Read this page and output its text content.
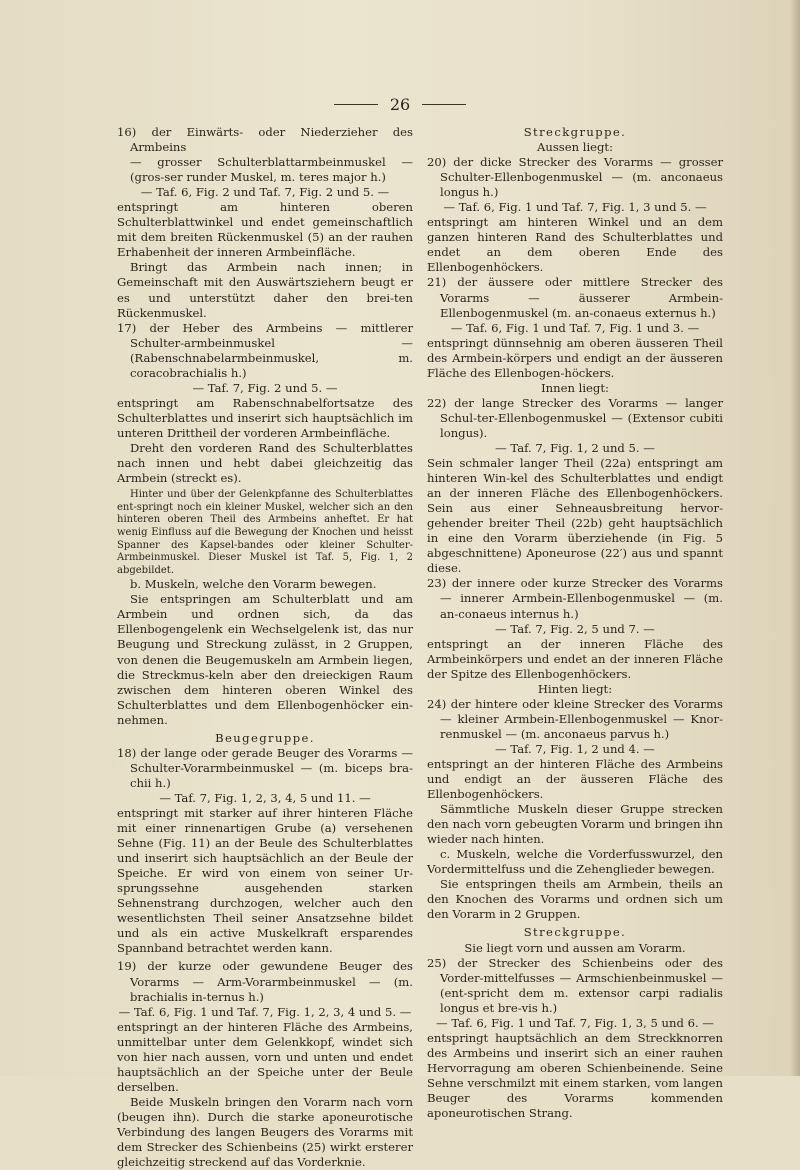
26

16) der Einwärts- oder Niederzieher des Armbeins

— grosser Schulterblattarmbeinmuskel — (gros-ser runder Muskel, m. teres major h.)

— Taf. 6, Fig. 2 und Taf. 7, Fig. 2 und 5. —

entspringt am hinteren oberen Schulterblattwinkel und endet gemeinschaftlich mit dem breiten Rückenmuskel (5) an der rauhen Erhabenheit der inneren Armbeinfläche.

Bringt das Armbein nach innen; in Gemeinschaft mit den Auswärtsziehern beugt er es und unterstützt daher den brei-ten Rückenmuskel.

17) der Heber des Armbeins — mittlerer Schulter-armbeinmuskel — (Rabenschnabelarmbeinmuskel, m. coracobrachialis h.)

— Taf. 7, Fig. 2 und 5. —

entspringt am Rabenschnabelfortsatze des Schulterblattes und inserirt sich hauptsächlich im unteren Drittheil der vorderen Armbeinfläche.

Dreht den vorderen Rand des Schulterblattes nach innen und hebt dabei gleichzeitig das Armbein (streckt es).

Hinter und über der Gelenkpfanne des Schulterblattes ent-springt noch ein kleiner Muskel, welcher sich an den hinteren oberen Theil des Armbeins anheftet. Er hat wenig Einfluss auf die Bewegung der Knochen und heisst Spanner des Kapsel-bandes oder kleiner Schulter-Armbeinmuskel. Dieser Muskel ist Taf. 5, Fig. 1, 2 abgebildet.

b. Muskeln, welche den Vorarm bewegen.

Sie entspringen am Schulterblatt und am Armbein und ordnen sich, da das Ellenbogengelenk ein Wechselgelenk ist, das nur Beugung und Streckung zulässt, in 2 Gruppen, von denen die Beugemuskeln am Armbein liegen, die Streckmus-keln aber den dreieckigen Raum zwischen dem hinteren oberen Winkel des Schulterblattes und dem Ellenbogenhöcker ein-nehmen.

Beugegruppe.

18) der lange oder gerade Beuger des Vorarms — Schulter-Vorarmbeinmuskel — (m. biceps bra-chii h.)

— Taf. 7, Fig. 1, 2, 3, 4, 5 und 11. —

entspringt mit starker auf ihrer hinteren Fläche mit einer rinnenartigen Grube (a) versehenen Sehne (Fig. 11) an der Beule des Schulterblattes und inserirt sich hauptsächlich an der Beule der Speiche. Er wird von einem von seiner Ur-sprungssehne ausgehenden starken Sehnenstrang durchzogen, welcher auch den wesentlichsten Theil seiner Ansatzsehne bildet und als ein active Muskelkraft ersparendes Spannband betrachtet werden kann.

19) der kurze oder gewundene Beuger des Vorarms — Arm-Vorarmbeinmuskel — (m. brachialis in-ternus h.)

— Taf. 6, Fig. 1 und Taf. 7, Fig. 1, 2, 3, 4 und 5. —

entspringt an der hinteren Fläche des Armbeins, unmittelbar unter dem Gelenkkopf, windet sich von hier nach aussen, vorn und unten und endet hauptsächlich an der Speiche unter der Beule derselben.

Beide Muskeln bringen den Vorarm nach vorn (beugen ihn). Durch die starke aponeurotische Verbindung des langen Beugers des Vorarms mit dem Strecker des Schienbeins (25) wirkt ersterer gleichzeitig streckend auf das Vorderknie.

Streckgruppe.

Aussen liegt:

20) der dicke Strecker des Vorarms — grosser Schulter-Ellenbogenmuskel — (m. anconaeus longus h.)

— Taf. 6, Fig. 1 und Taf. 7, Fig. 1, 3 und 5. —

entspringt am hinteren Winkel und an dem ganzen hinteren Rand des Schulterblattes und endet an dem oberen Ende des Ellenbogenhöckers.

21) der äussere oder mittlere Strecker des Vorarms — äusserer Armbein-Ellenbogenmuskel (m. an-conaeus externus h.)

— Taf. 6, Fig. 1 und Taf. 7, Fig. 1 und 3. —

entspringt dünnsehnig am oberen äusseren Theil des Armbein-körpers und endigt an der äusseren Fläche des Ellenbogen-höckers.

Innen liegt:

22) der lange Strecker des Vorarms — langer Schul-ter-Ellenbogenmuskel — (Extensor cubiti longus).

— Taf. 7, Fig. 1, 2 und 5. —

Sein schmaler langer Theil (22a) entspringt am hinteren Win-kel des Schulterblattes und endigt an der inneren Fläche des Ellenbogenhöckers. Sein aus einer Sehneausbreitung hervor-gehender breiter Theil (22b) geht hauptsächlich in eine den Vorarm überziehende (in Fig. 5 abgeschnittene) Aponeurose (22′) aus und spannt diese.

23) der innere oder kurze Strecker des Vorarms — innerer Armbein-Ellenbogenmuskel — (m. an-conaeus internus h.)

— Taf. 7, Fig. 2, 5 und 7. —

entspringt an der inneren Fläche des Armbeinkörpers und endet an der inneren Fläche der Spitze des Ellenbogenhöckers.

Hinten liegt:

24) der hintere oder kleine Strecker des Vorarms — kleiner Armbein-Ellenbogenmuskel — Knor-renmuskel — (m. anconaeus parvus h.)

— Taf. 7, Fig. 1, 2 und 4. —

entspringt an der hinteren Fläche des Armbeins und endigt an der äusseren Fläche des Ellenbogenhöckers.

Sämmtliche Muskeln dieser Gruppe strecken den nach vorn gebeugten Vorarm und bringen ihn wieder nach hinten.

c. Muskeln, welche die Vorderfusswurzel, den Vordermittelfuss und die Zehenglieder bewegen.

Sie entspringen theils am Armbein, theils an den Knochen des Vorarms und ordnen sich um den Vorarm in 2 Gruppen.

Streckgruppe.

Sie liegt vorn und aussen am Vorarm.

25) der Strecker des Schienbeins oder des Vorder-mittelfusses — Armschienbeinmuskel — (ent-spricht dem m. extensor carpi radialis longus et bre-vis h.)

— Taf. 6, Fig. 1 und Taf. 7, Fig. 1, 3, 5 und 6. —

entspringt hauptsächlich an dem Streckknorren des Armbeins und inserirt sich an einer rauhen Hervorragung am oberen Schienbeinende. Seine Sehne verschmilzt mit einem starken, vom langen Beuger des Vorarms kommenden aponeurotischen Strang.
